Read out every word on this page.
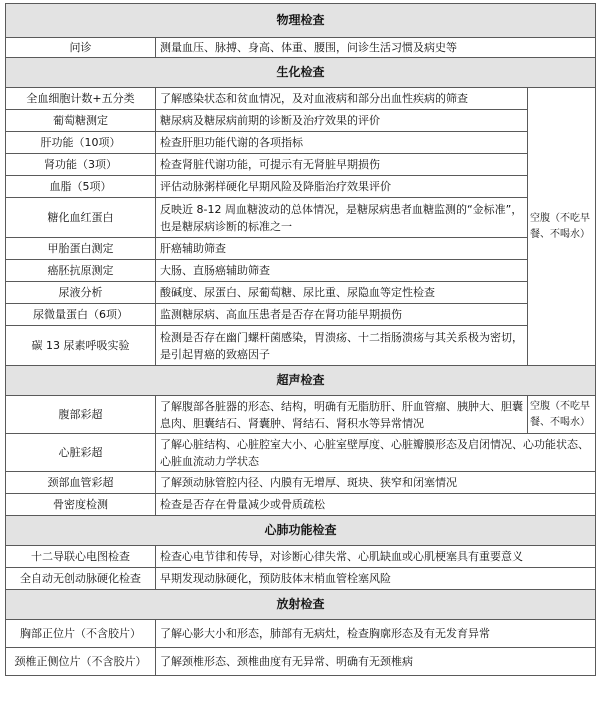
物理检查		
问诊	测量血压、脉搏、身高、体重、腰围，问诊生活习惯及病史等	
生化检查		
全血细胞计数+五分类	了解感染状态和贫血情况，及对血液病和部分出血性疾病的筛查	空腹（不吃早餐、不喝水）
葡萄糖测定	糖尿病及糖尿病前期的诊断及治疗效果的评价	
肝功能（10项）	检查肝胆功能代谢的各项指标	
肾功能（3项）	检查肾脏代谢功能，可提示有无肾脏早期损伤	
血脂（5项）	评估动脉粥样硬化早期风险及降脂治疗效果评价	
糖化血红蛋白	反映近 8-12 周血糖波动的总体情况，是糖尿病患者血糖监测的“金标准”，也是糖尿病诊断的标准之一	
甲胎蛋白测定	肝癌辅助筛查	
癌胚抗原测定	大肠、直肠癌辅助筛查	
尿液分析	酸碱度、尿蛋白、尿葡萄糖、尿比重、尿隐血等定性检查	
尿微量蛋白（6项）	监测糖尿病、高血压患者是否存在肾功能早期损伤	
碳 13 尿素呼吸实验	检测是否存在幽门螺杆菌感染，胃溃疡、十二指肠溃疡与其关系极为密切，是引起胃癌的致癌因子	
超声检查		
腹部彩超	了解腹部各脏器的形态、结构，明确有无脂肪肝、肝血管瘤、胰肿大、胆囊息肉、胆囊结石、肾囊肿、肾结石、肾积水等异常情况	空腹（不吃早餐、不喝水）
心脏彩超	了解心脏结构、心脏腔室大小、心脏室壁厚度、心脏瓣膜形态及启闭情况、心功能状态、心脏血流动力学状态	
颈部血管彩超	了解颈动脉管腔内径、内膜有无增厚、斑块、狭窄和闭塞情况	
骨密度检测	检查是否存在骨量减少或骨质疏松	
心肺功能检查		
十二导联心电图检查	检查心电节律和传导，对诊断心律失常、心肌缺血或心肌梗塞具有重要意义	
全自动无创动脉硬化检查	早期发现动脉硬化，预防肢体末梢血管栓塞风险	
放射检查		
胸部正位片（不含胶片）	了解心影大小和形态，肺部有无病灶，检查胸廓形态及有无发育异常	
颈椎正侧位片（不含胶片）	了解颈椎形态、颈椎曲度有无异常、明确有无颈椎病	
